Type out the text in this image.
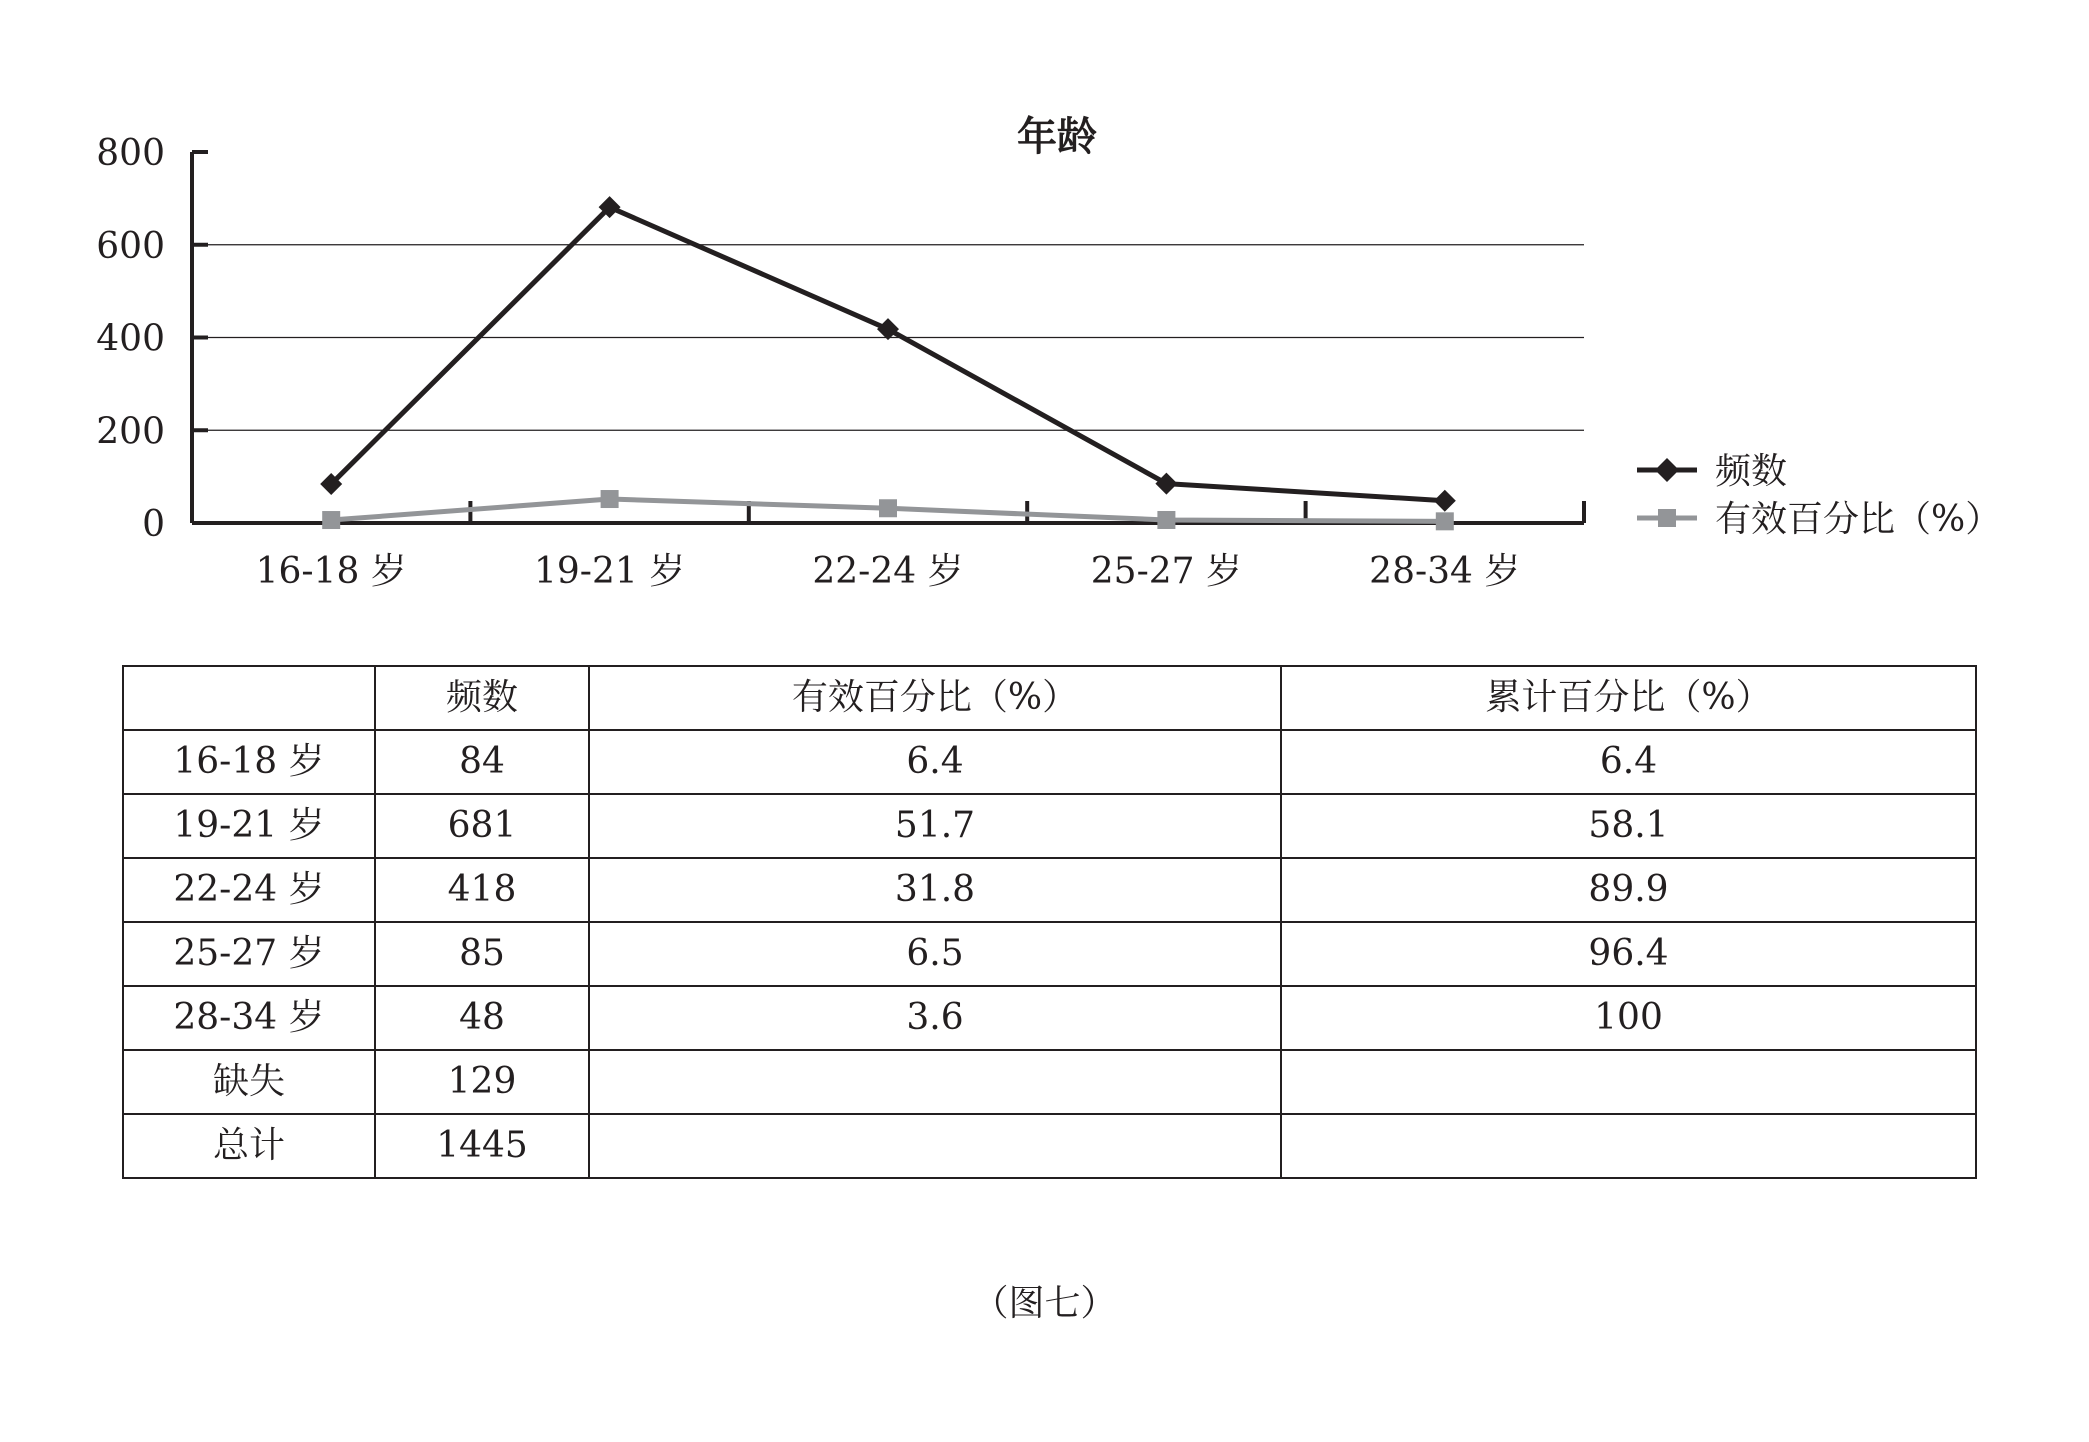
年龄
800
600
400
200
0
16-18 岁	19-21 岁	22-24 岁	25-27 岁	28-34 岁
频数
有效百分比（%）
	频数	有效百分比（%）	累计百分比（%）
16-18 岁	84	6.4	6.4
19-21 岁	681	51.7	58.1
22-24 岁	418	31.8	89.9
25-27 岁	85	6.5	96.4
28-34 岁	48	3.6	100
缺失	129		
总计	1445		
（图七）
